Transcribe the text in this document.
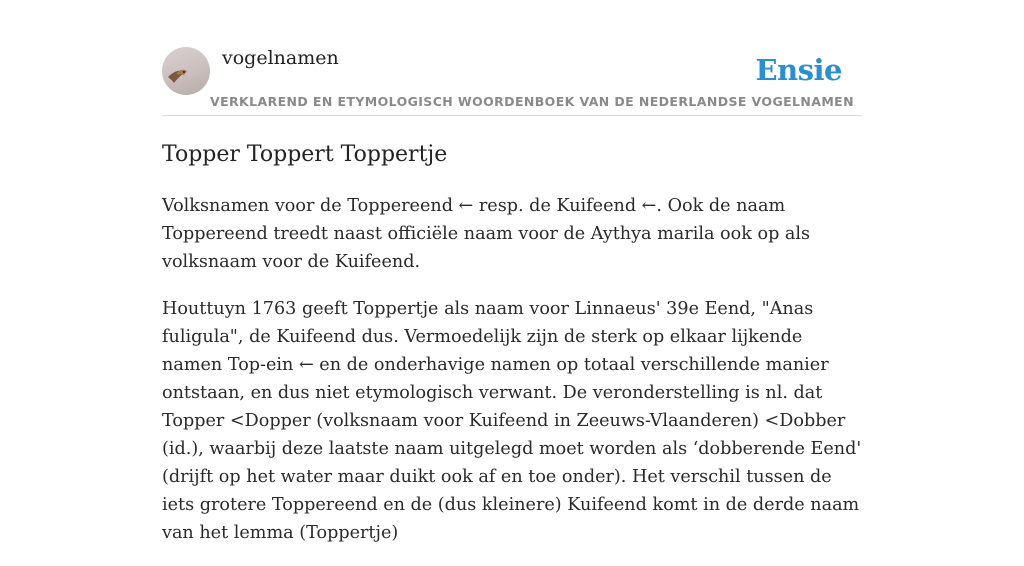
vogelnamen	Ensie
VERKLAREND EN ETYMOLOGISCH WOORDENBOEK VAN DE NEDERLANDSE VOGELNAMEN
Topper Toppert Toppertje

Volksnamen voor de Toppereend ← resp. de Kuifeend ←. Ook de naam Toppereend treedt naast officiële naam voor de Aythya marila ook op als volksnaam voor de Kuifeend.

Houttuyn 1763 geeft Toppertje als naam voor Linnaeus' 39e Eend, "Anas fuligula", de Kuifeend dus. Vermoedelijk zijn de sterk op elkaar lijkende namen Top-ein ← en de onderhavige namen op totaal verschillende manier ontstaan, en dus niet etymologisch verwant. De veronderstelling is nl. dat Topper <Dopper (volksnaam voor Kuifeend in Zeeuws-Vlaanderen) <Dobber (id.), waarbij deze laatste naam uitgelegd moet worden als ‘dobberende Eend' (drijft op het water maar duikt ook af en toe onder). Het verschil tussen de iets grotere Toppereend en de (dus kleinere) Kuifeend komt in de derde naam van het lemma (Toppertje)
